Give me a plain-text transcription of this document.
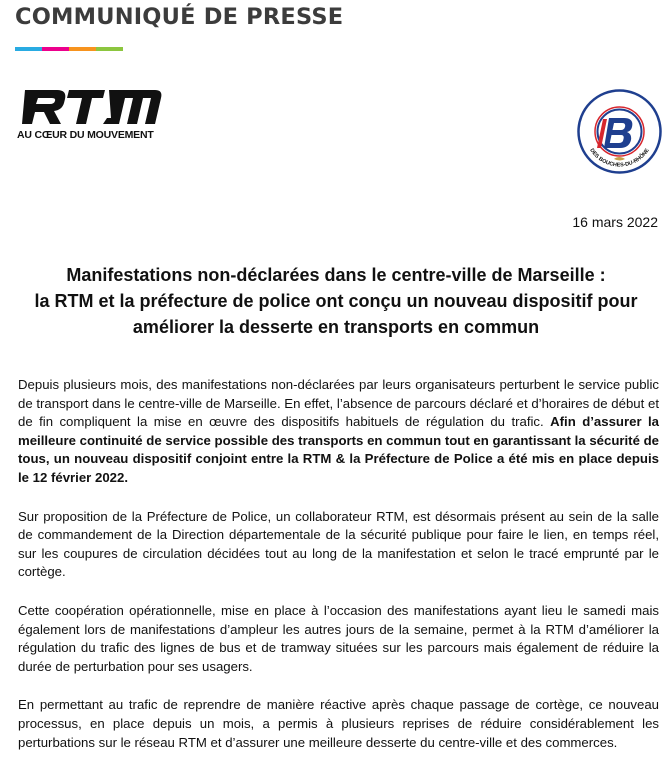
COMMUNIQUÉ DE PRESSE

AU CŒUR DU MOUVEMENT

DES BOUCHES-DU-RHÔNE

16 mars 2022

Manifestations non-déclarées dans le centre-ville de Marseille :
la RTM et la préfecture de police ont conçu un nouveau dispositif pour
améliorer la desserte en transports en commun

Depuis plusieurs mois, des manifestations non-déclarées par leurs organisateurs perturbent le service public de transport dans le centre-ville de Marseille. En effet, l’absence de parcours déclaré et d’horaires de début et de fin compliquent la mise en œuvre des dispositifs habituels de régulation du trafic. Afin d’assurer la meilleure continuité de service possible des transports en commun tout en garantissant la sécurité de tous, un nouveau dispositif conjoint entre la RTM & la Préfecture de Police a été mis en place depuis le 12 février 2022.

Sur proposition de la Préfecture de Police, un collaborateur RTM, est désormais présent au sein de la salle de commandement de la Direction départementale de la sécurité publique pour faire le lien, en temps réel, sur les coupures de circulation décidées tout au long de la manifestation et selon le tracé emprunté par le cortège.

Cette coopération opérationnelle, mise en place à l’occasion des manifestations ayant lieu le samedi mais également lors de manifestations d’ampleur les autres jours de la semaine, permet à la RTM d’améliorer la régulation du trafic des lignes de bus et de tramway situées sur les parcours mais également de réduire la durée de perturbation pour ses usagers.

En permettant au trafic de reprendre de manière réactive après chaque passage de cortège, ce nouveau processus, en place depuis un mois, a permis à plusieurs reprises de réduire considérablement les perturbations sur le réseau RTM et d’assurer une meilleure desserte du centre-ville et des commerces.
